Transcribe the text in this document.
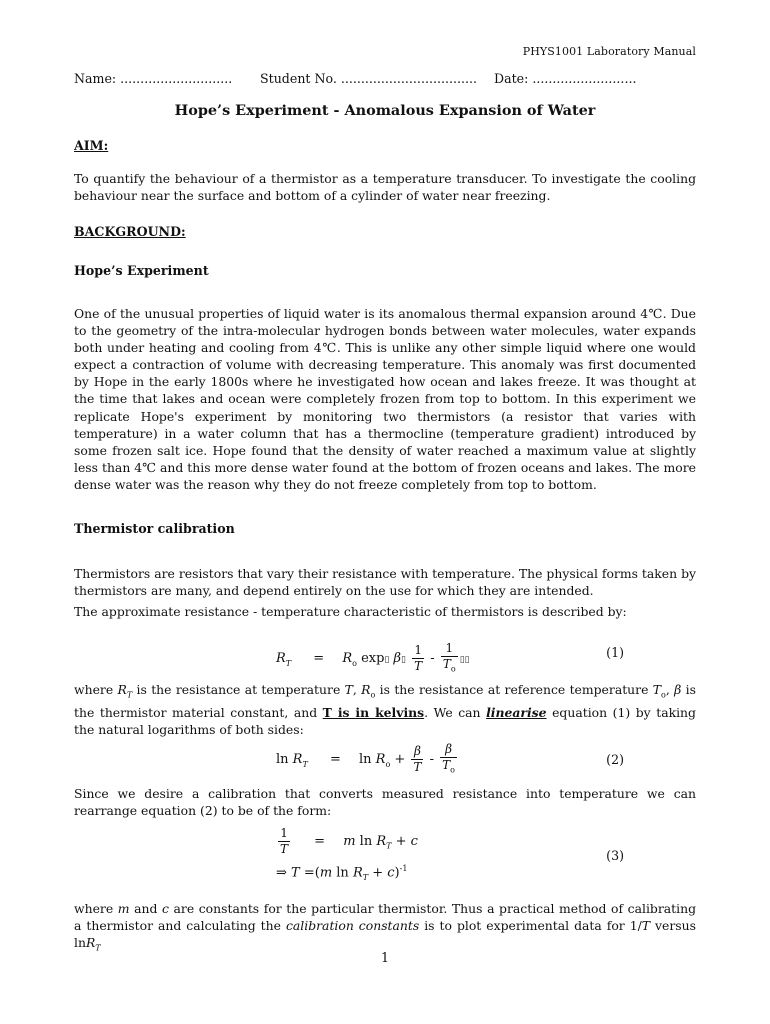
PHYS1001 Laboratory Manual
Name: ............................ Student No. .................................. Date: ..........................
Hope’s Experiment - Anomalous Expansion of Water
AIM:
To quantify the behaviour of a thermistor as a temperature transducer. To investigate the cooling behaviour near the surface and bottom of a cylinder of water near freezing.
BACKGROUND:
Hope’s Experiment
One of the unusual properties of liquid water is its anomalous thermal expansion around 4℃. Due to the geometry of the intra-molecular hydrogen bonds between water molecules, water expands both under heating and cooling from 4℃. This is unlike any other simple liquid where one would expect a contraction of volume with decreasing temperature. This anomaly was first documented by Hope in the early 1800s where he investigated how ocean and lakes freeze. It was thought at the time that lakes and ocean were completely frozen from top to bottom. In this experiment we replicate Hope's experiment by monitoring two thermistors (a resistor that varies with temperature) in a water column that has a thermocline (temperature gradient) introduced by some frozen salt ice. Hope found that the density of water reached a maximum value at slightly less than 4℃ and this more dense water found at the bottom of frozen oceans and lakes. The more dense water was the reason why they do not freeze completely from top to bottom.
Thermistor calibration
Thermistors are resistors that vary their resistance with temperature. The physical forms taken by thermistors are many, and depend entirely on the use for which they are intended.
The approximate resistance - temperature characteristic of thermistors is described by:
$R_T = R_o$ exp▯ β▯ $\frac{1}{T} - \frac{1}{T_o}$ ▯▯
(1)
where $R_T$ is the resistance at temperature T, $R_o$ is the resistance at reference temperature $T_o$, β is the thermistor material constant, and T is in kelvins. We can linearise equation (1) by taking the natural logarithms of both sides:
$\ln R_T = \ln R_o + \frac{\beta}{T} - \frac{\beta}{T_o}$	(2)
Since we desire a calibration that converts measured resistance into temperature we can rearrange equation (2) to be of the form:
$\frac{1}{T} = m$ $\ln R_T + c$
⇒ T =(m $\ln R_T + c)^{-1}$
(3)
where m and c are constants for the particular thermistor. Thus a practical method of calibrating a thermistor and calculating the calibration constants is to plot experimental data for 1/T versus lnR$_T$
1
